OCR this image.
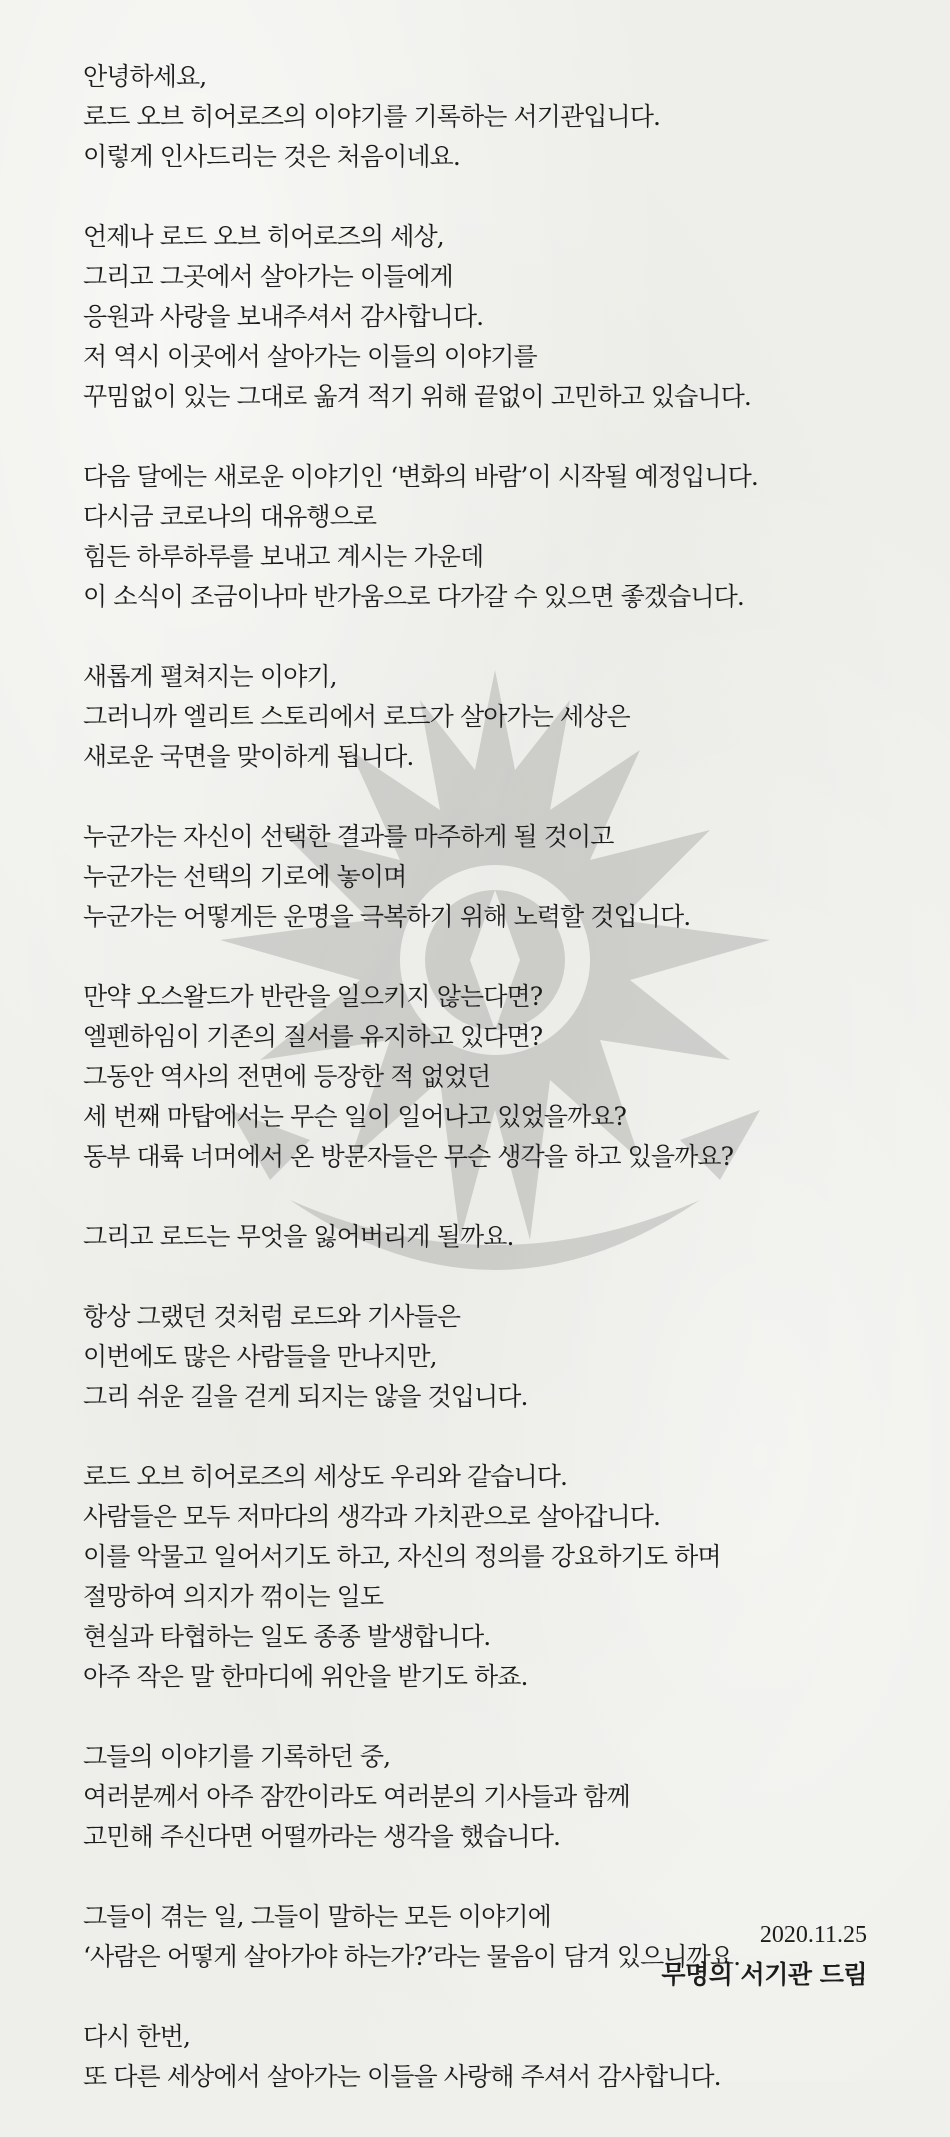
안녕하세요,
로드 오브 히어로즈의 이야기를 기록하는 서기관입니다.
이렇게 인사드리는 것은 처음이네요.
언제나 로드 오브 히어로즈의 세상,
그리고 그곳에서 살아가는 이들에게
응원과 사랑을 보내주셔서 감사합니다.
저 역시 이곳에서 살아가는 이들의 이야기를
꾸밈없이 있는 그대로 옮겨 적기 위해 끝없이 고민하고 있습니다.
다음 달에는 새로운 이야기인 ‘변화의 바람’이 시작될 예정입니다.
다시금 코로나의 대유행으로
힘든 하루하루를 보내고 계시는 가운데
이 소식이 조금이나마 반가움으로 다가갈 수 있으면 좋겠습니다.
새롭게 펼쳐지는 이야기,
그러니까 엘리트 스토리에서 로드가 살아가는 세상은
새로운 국면을 맞이하게 됩니다.
누군가는 자신이 선택한 결과를 마주하게 될 것이고
누군가는 선택의 기로에 놓이며
누군가는 어떻게든 운명을 극복하기 위해 노력할 것입니다.
만약 오스왈드가 반란을 일으키지 않는다면?
엘펜하임이 기존의 질서를 유지하고 있다면?
그동안 역사의 전면에 등장한 적 없었던
세 번째 마탑에서는 무슨 일이 일어나고 있었을까요?
동부 대륙 너머에서 온 방문자들은 무슨 생각을 하고 있을까요?
그리고 로드는 무엇을 잃어버리게 될까요.
항상 그랬던 것처럼 로드와 기사들은
이번에도 많은 사람들을 만나지만,
그리 쉬운 길을 걷게 되지는 않을 것입니다.
로드 오브 히어로즈의 세상도 우리와 같습니다.
사람들은 모두 저마다의 생각과 가치관으로 살아갑니다.
이를 악물고 일어서기도 하고, 자신의 정의를 강요하기도 하며
절망하여 의지가 꺾이는 일도
현실과 타협하는 일도 종종 발생합니다.
아주 작은 말 한마디에 위안을 받기도 하죠.
그들의 이야기를 기록하던 중,
여러분께서 아주 잠깐이라도 여러분의 기사들과 함께
고민해 주신다면 어떨까라는 생각을 했습니다.
그들이 겪는 일, 그들이 말하는 모든 이야기에
‘사람은 어떻게 살아가야 하는가?’라는 물음이 담겨 있으니까요.
다시 한번,
또 다른 세상에서 살아가는 이들을 사랑해 주셔서 감사합니다.
2020.11.25
무명의 서기관 드림
